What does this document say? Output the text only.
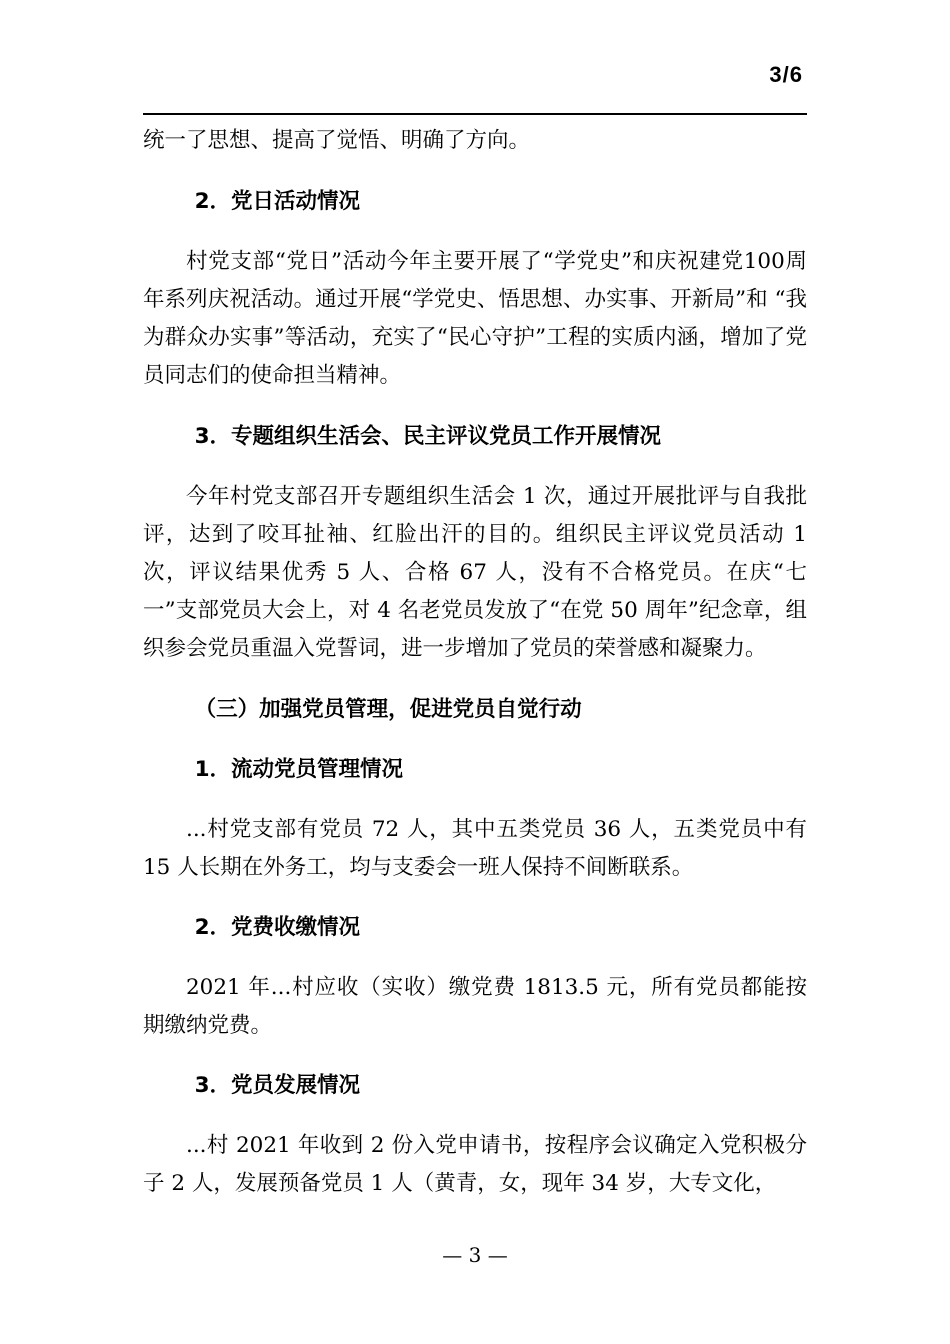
3/6

统一了思想、提高了觉悟、明确了方向。

2．党日活动情况

村党支部“党日”活动今年主要开展了“学党史”和庆祝建党100周年系列庆祝活动。通过开展“学党史、悟思想、办实事、开新局”和 “我为群众办实事”等活动，充实了“民心守护”工程的实质内涵，增加了党员同志们的使命担当精神。

3．专题组织生活会、民主评议党员工作开展情况

今年村党支部召开专题组织生活会 1 次，通过开展批评与自我批评，达到了咬耳扯袖、红脸出汗的目的。组织民主评议党员活动 1 次，评议结果优秀 5 人、合格 67 人，没有不合格党员。在庆“七一”支部党员大会上，对 4 名老党员发放了“在党 50 周年”纪念章，组织参会党员重温入党誓词，进一步增加了党员的荣誉感和凝聚力。

（三）加强党员管理，促进党员自觉行动

1．流动党员管理情况

...村党支部有党员 72 人，其中五类党员 36 人，五类党员中有 15 人长期在外务工，均与支委会一班人保持不间断联系。

2．党费收缴情况

2021 年...村应收（实收）缴党费 1813.5 元，所有党员都能按期缴纳党费。

3．党员发展情况

...村 2021 年收到 2 份入党申请书，按程序会议确定入党积极分子 2 人，发展预备党员 1 人（黄青，女，现年 34 岁，大专文化，

— 3 —
